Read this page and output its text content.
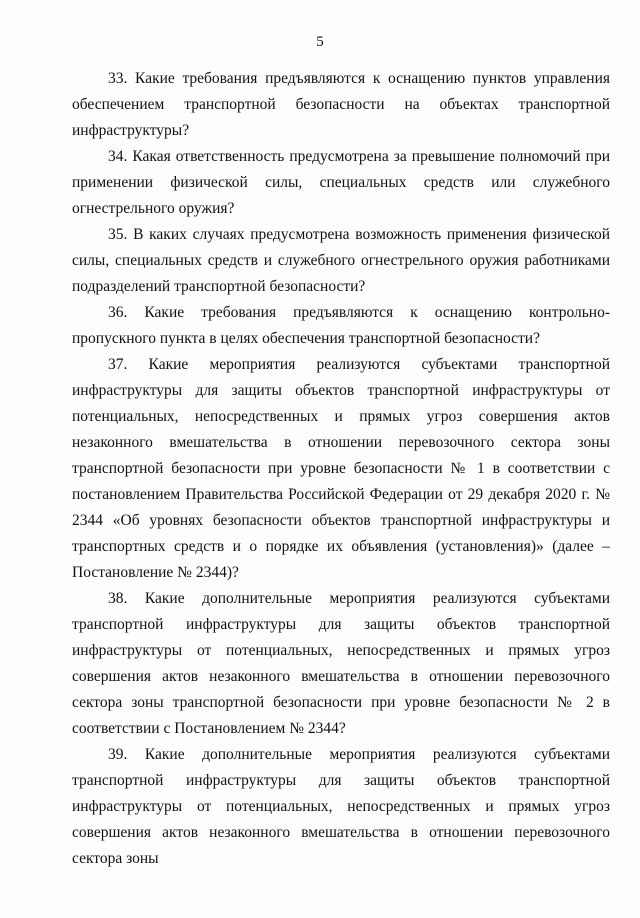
5

33. Какие требования предъявляются к оснащению пунктов управления обеспечением транспортной безопасности на объектах транспортной инфраструктуры?

34. Какая ответственность предусмотрена за превышение полномочий при применении физической силы, специальных средств или служебного огнестрельного оружия?

35. В каких случаях предусмотрена возможность применения физической силы, специальных средств и служебного огнестрельного оружия работниками подразделений транспортной безопасности?

36. Какие требования предъявляются к оснащению контрольно-пропускного пункта в целях обеспечения транспортной безопасности?

37. Какие мероприятия реализуются субъектами транспортной инфраструктуры для защиты объектов транспортной инфраструктуры от потенциальных, непосредственных и прямых угроз совершения актов незаконного вмешательства в отношении перевозочного сектора зоны транспортной безопасности при уровне безопасности № 1 в соответствии с постановлением Правительства Российской Федерации от 29 декабря 2020 г. № 2344 «Об уровнях безопасности объектов транспортной инфраструктуры и транспортных средств и о порядке их объявления (установления)» (далее – Постановление № 2344)?

38. Какие дополнительные мероприятия реализуются субъектами транспортной инфраструктуры для защиты объектов транспортной инфраструктуры от потенциальных, непосредственных и прямых угроз совершения актов незаконного вмешательства в отношении перевозочного сектора зоны транспортной безопасности при уровне безопасности № 2 в соответствии с Постановлением № 2344?

39. Какие дополнительные мероприятия реализуются субъектами транспортной инфраструктуры для защиты объектов транспортной инфраструктуры от потенциальных, непосредственных и прямых угроз совершения актов незаконного вмешательства в отношении перевозочного сектора зоны
